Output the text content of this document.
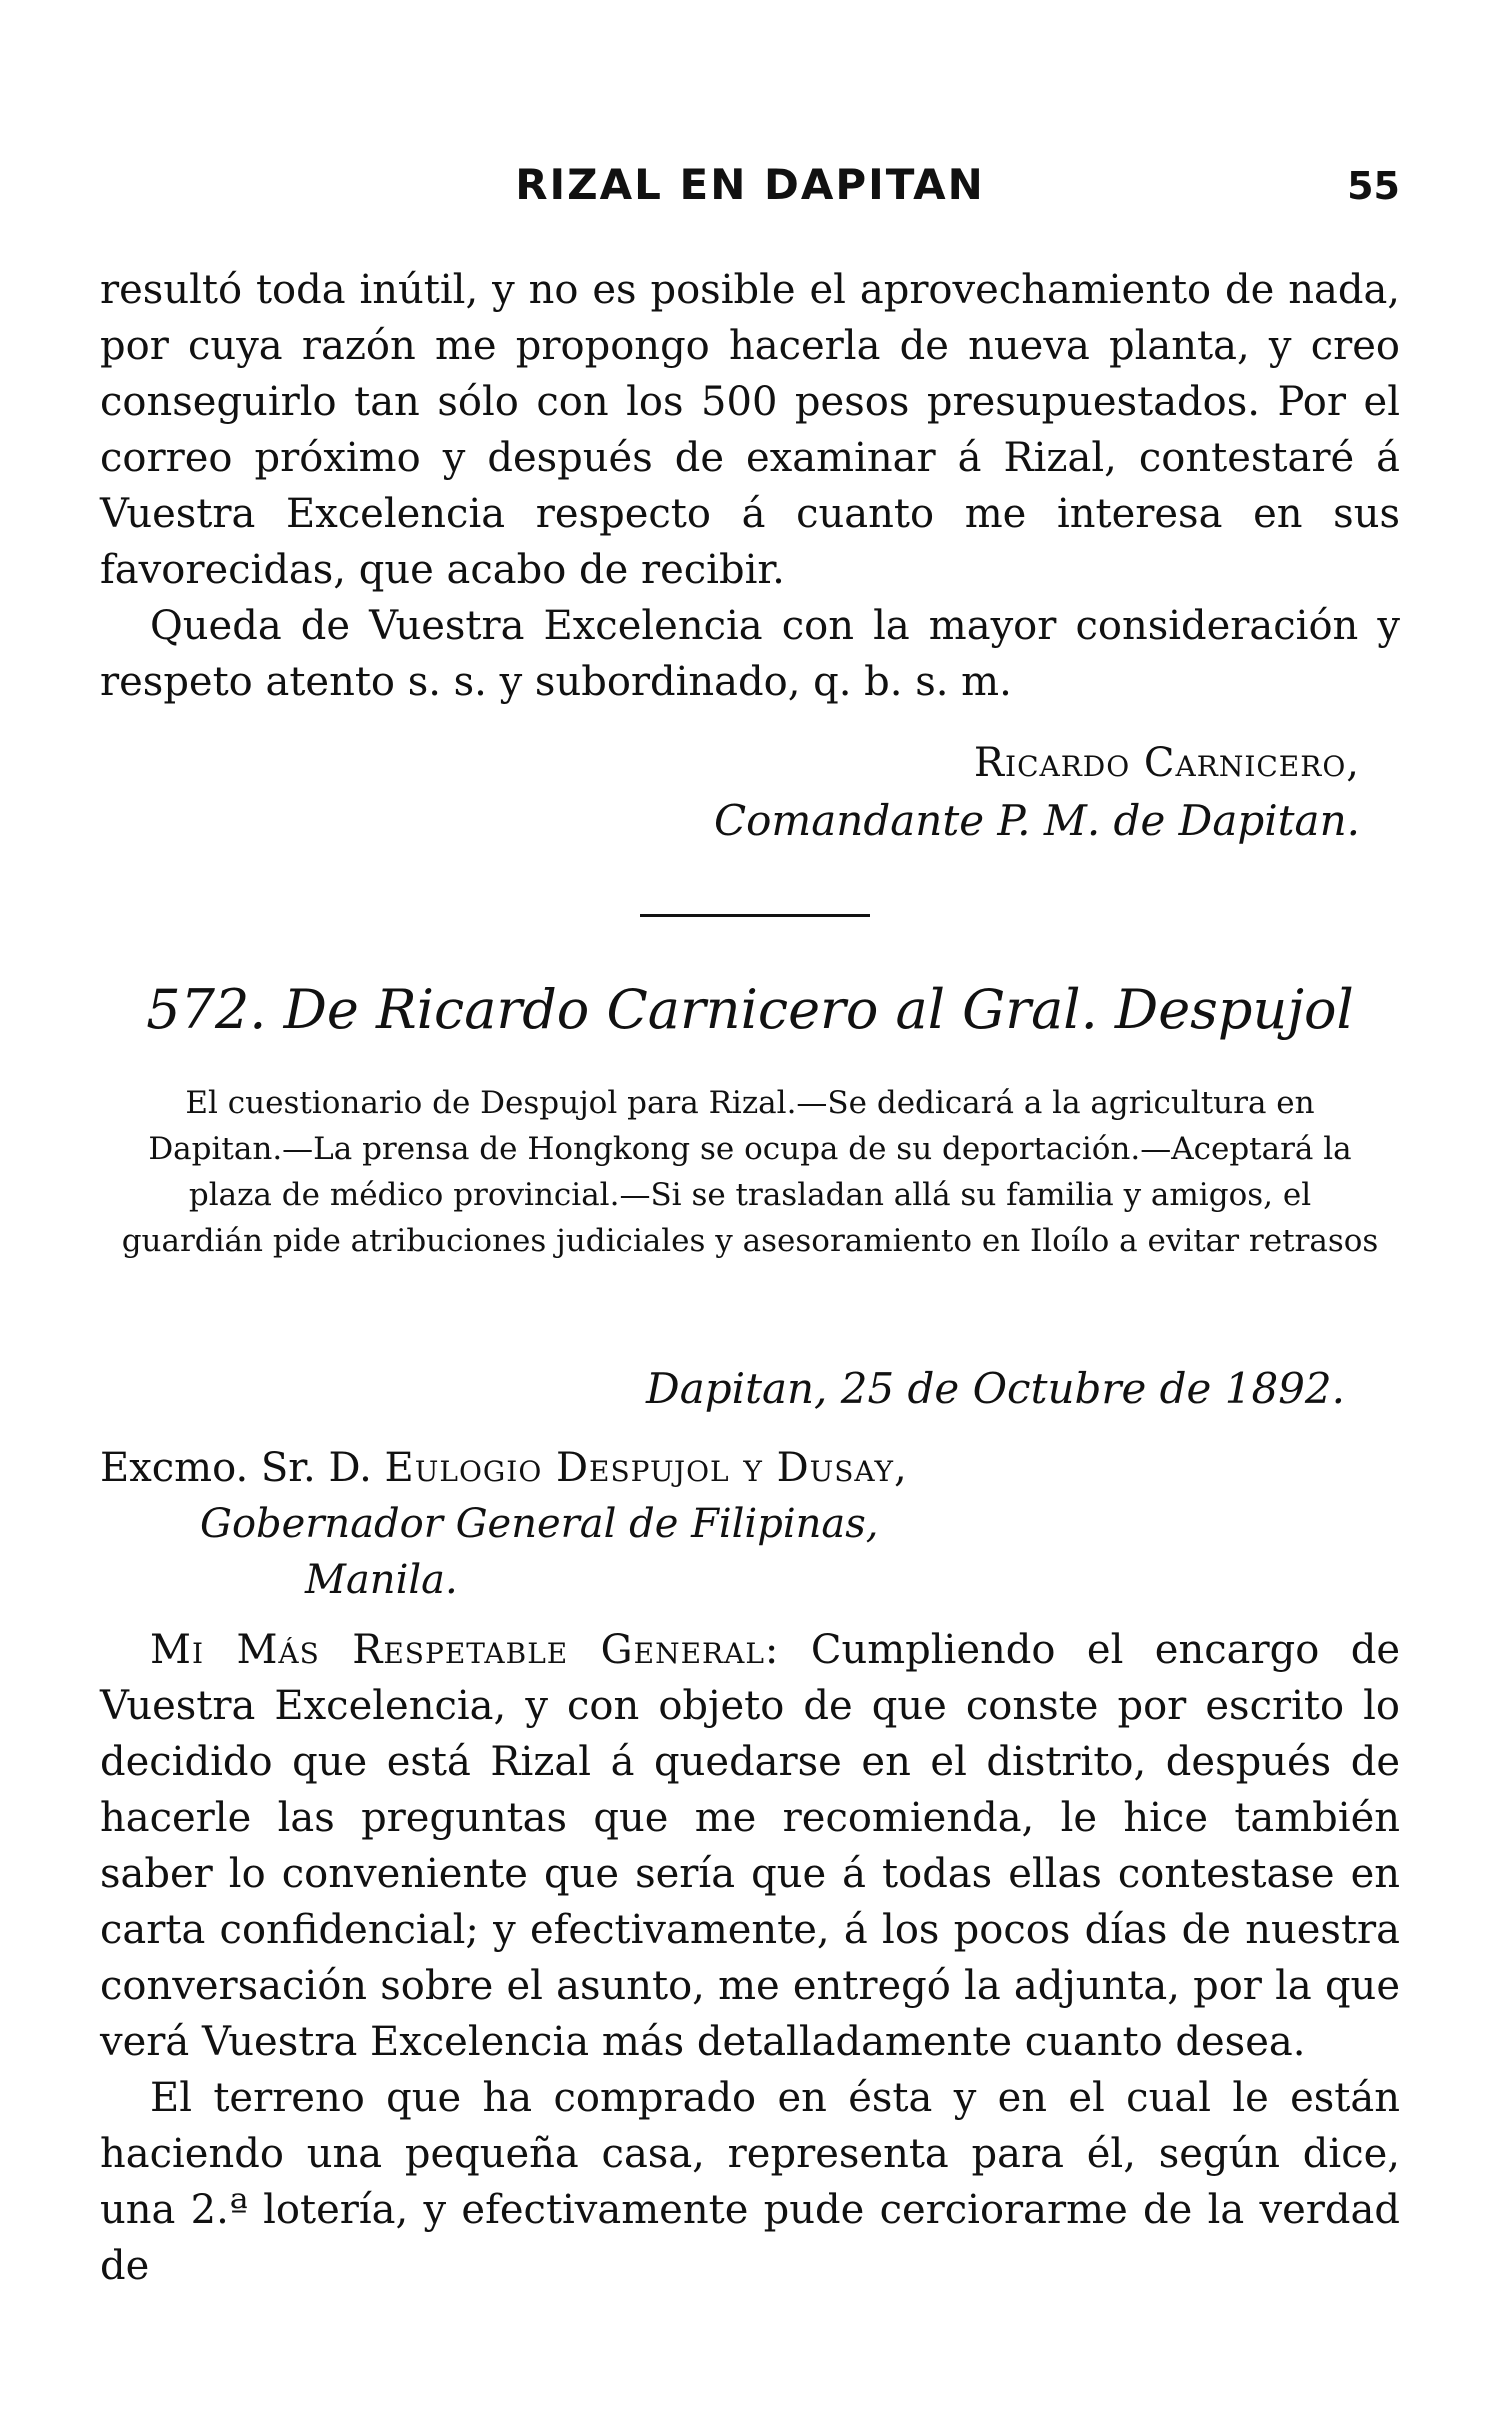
RIZAL EN DAPITAN	55

resultó toda inútil, y no es posible el aprovechamiento de nada, por cuya razón me propongo hacerla de nueva planta, y creo conseguirlo tan sólo con los 500 pesos presupuestados. Por el correo próximo y después de examinar á Rizal, contestaré á Vuestra Excelencia respecto á cuanto me interesa en sus favorecidas, que acabo de recibir.

Queda de Vuestra Excelencia con la mayor consideración y respeto atento s. s. y subordinado, q. b. s. m.

Ricardo Carnicero,
Comandante P. M. de Dapitan.
572. De Ricardo Carnicero al Gral. Despujol
El cuestionario de Despujol para Rizal.—Se dedicará a la agricultura en Dapitan.—La prensa de Hongkong se ocupa de su deportación.—Aceptará la plaza de médico provincial.—Si se trasladan allá su familia y amigos, el guardián pide atribuciones judiciales y asesoramiento en Iloílo a evitar retrasos
Dapitan, 25 de Octubre de 1892.

Excmo. Sr. D. Eulogio Despujol y Dusay,

Gobernador General de Filipinas,

Manila.

Mi Más Respetable General: Cumpliendo el encargo de Vuestra Excelencia, y con objeto de que conste por escrito lo decidido que está Rizal á quedarse en el distrito, después de hacerle las preguntas que me recomienda, le hice también saber lo conveniente que sería que á todas ellas contestase en carta confidencial; y efectivamente, á los pocos días de nuestra conversación sobre el asunto, me entregó la adjunta, por la que verá Vuestra Excelencia más detalladamente cuanto desea.

El terreno que ha comprado en ésta y en el cual le están haciendo una pequeña casa, representa para él, según dice, una 2.ª lotería, y efectivamente pude cerciorarme de la verdad de
